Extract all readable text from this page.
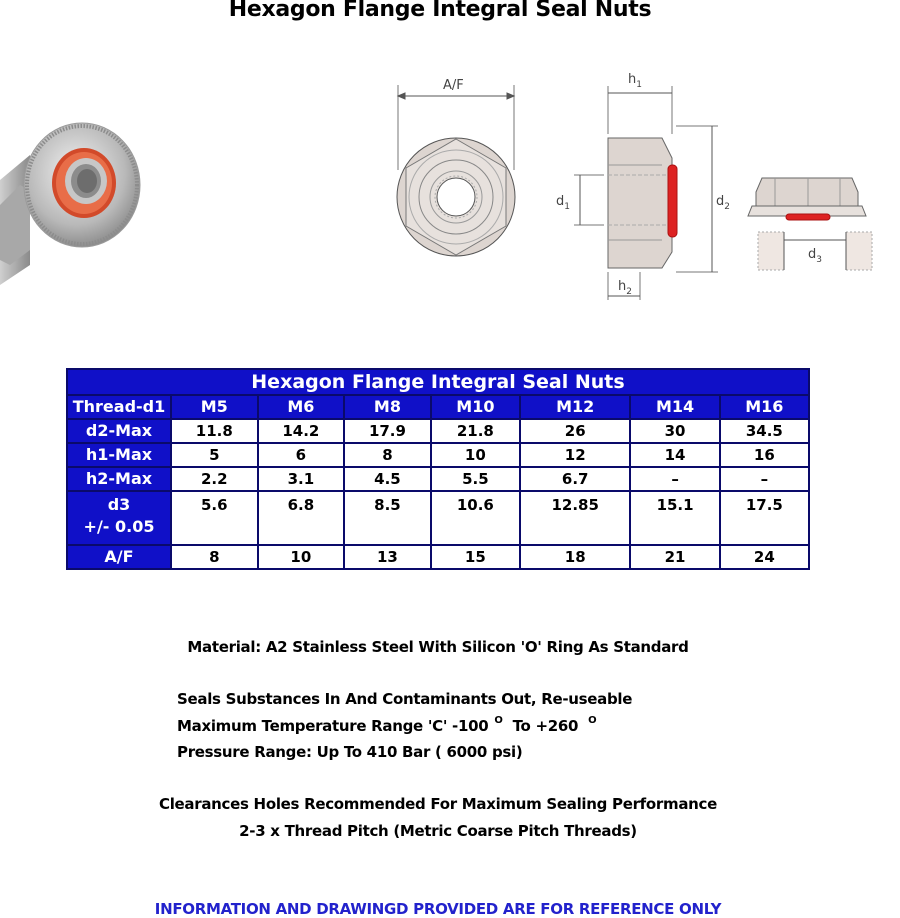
Hexagon Flange Integral Seal Nuts
A/F	$h_1$
$h_2$
$d_1$	$d_2$
$d_3$
Hexagon Flange Integral Seal Nuts							
Thread-d1	M5	M6	M8	M10	M12	M14	M16
d2-Max	11.8	14.2	17.9	21.8	26	30	34.5
h1-Max	5	6	8	10	12	14	16
h2-Max	2.2	3.1	4.5	5.5	6.7	–	–

d3
+/- 0.05	5.6	6.8	8.5	10.6	12.85	15.1	17.5
A/F	8	10	13	15	18	21	24
Material: A2 Stainless Steel With Silicon 'O' Ring As Standard
Seals Substances In And Contaminants Out, Re-useable
Maximum Temperature Range 'C' -100 $^O$ To +260 $^O$
Pressure Range: Up To 410 Bar ( 6000 psi)
Clearances Holes Recommended For Maximum Sealing Performance
2-3 x Thread Pitch (Metric Coarse Pitch Threads)
INFORMATION AND DRAWINGD PROVIDED ARE FOR REFERENCE ONLY
